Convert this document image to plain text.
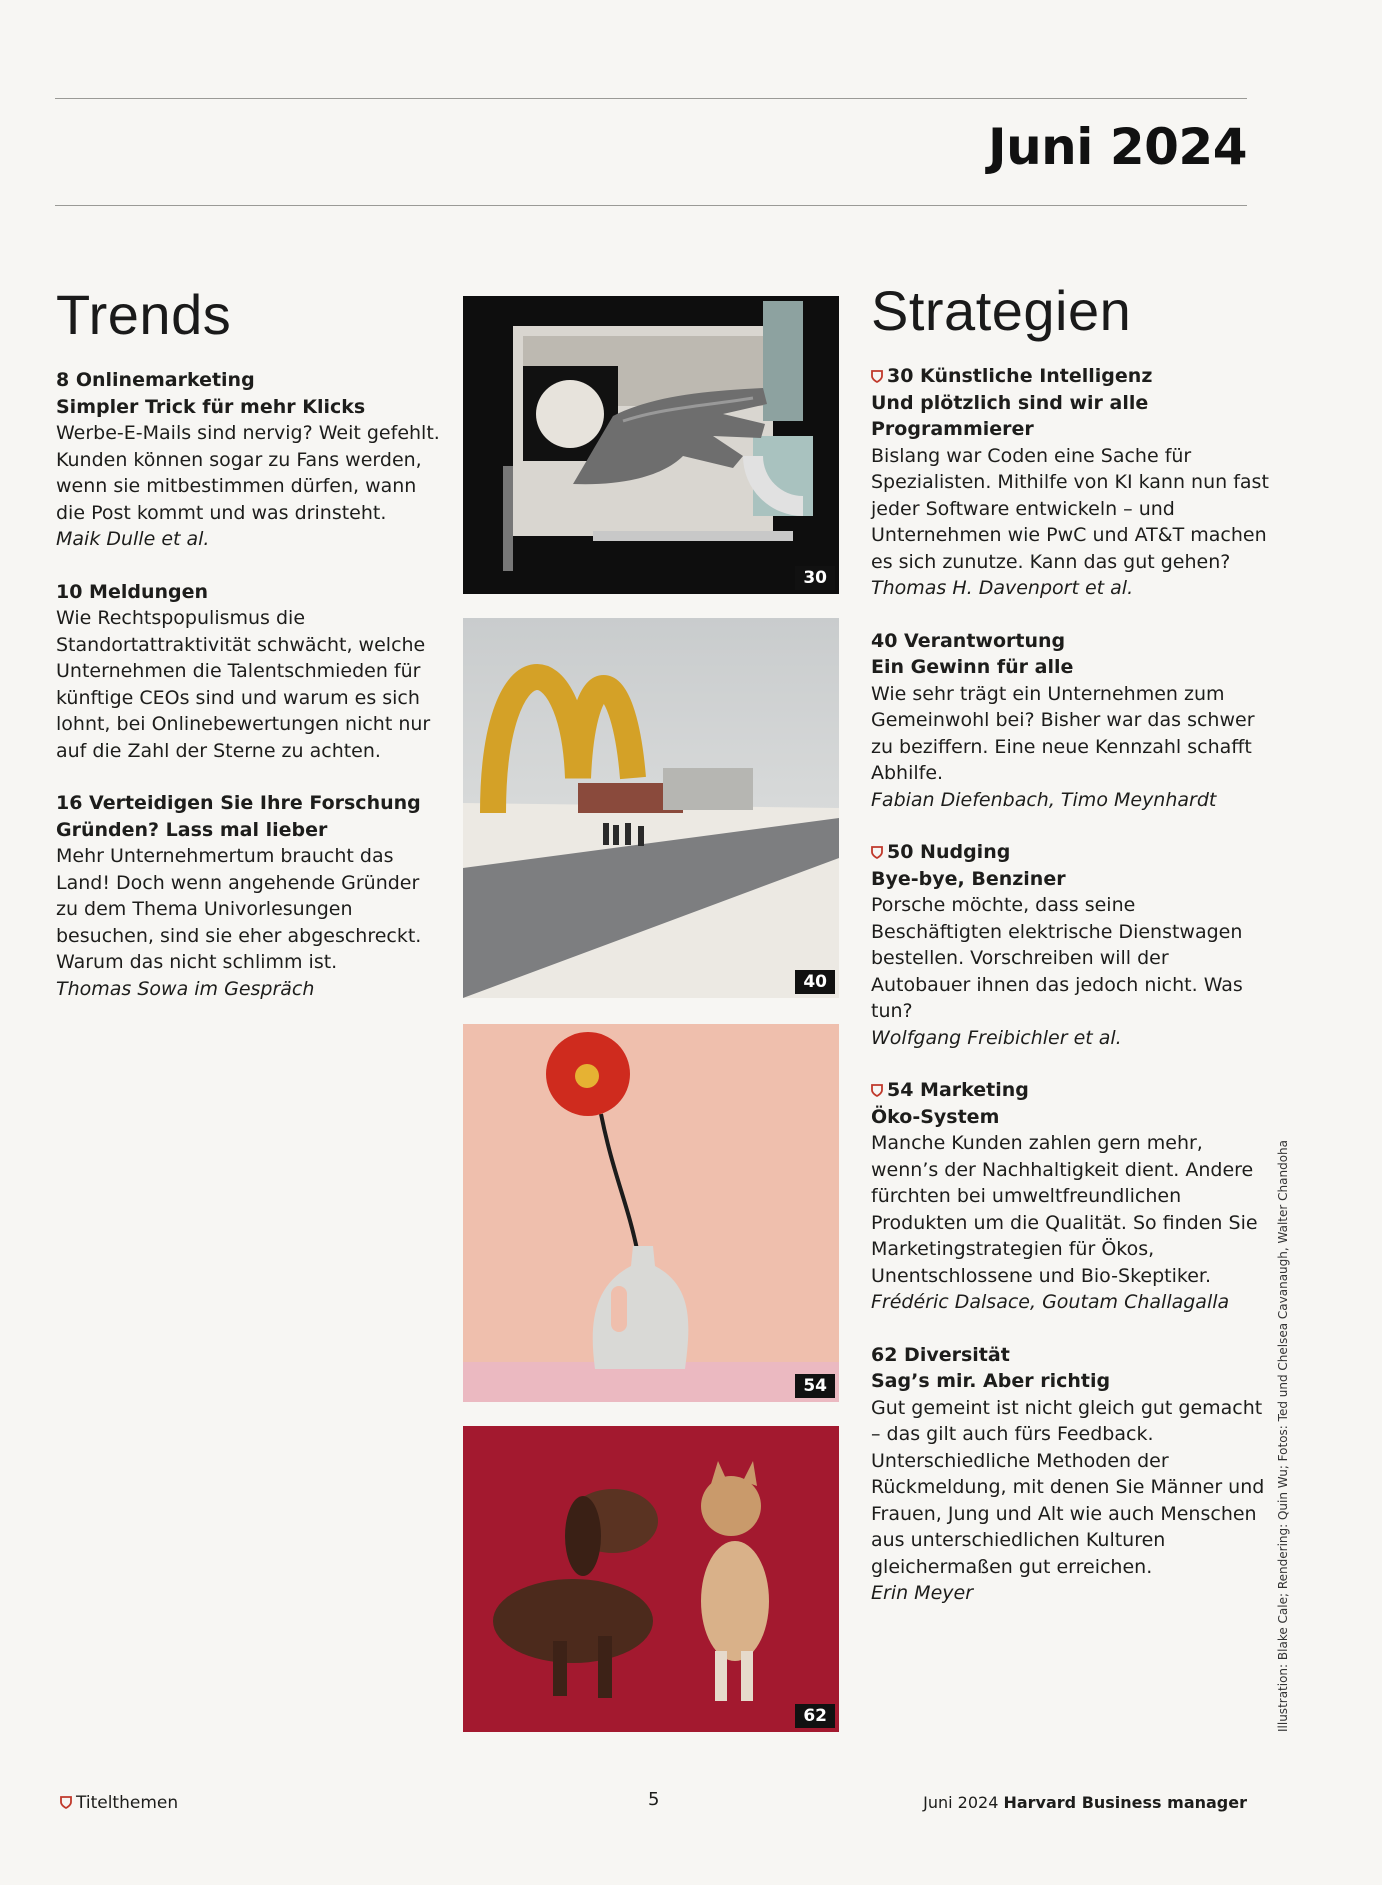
Juni 2024
Trends
8 Onlinemarketing
Simpler Trick für mehr Klicks
Werbe-E-Mails sind nervig? Weit gefehlt. Kunden können sogar zu Fans werden, wenn sie mitbestimmen dürfen, wann die Post kommt und was drinsteht.
Maik Dulle et al.
10 Meldungen
Wie Rechtspopulismus die Standortattraktivität schwächt, welche Unternehmen die Talentschmieden für künftige CEOs sind und warum es sich lohnt, bei Onlinebewertungen nicht nur auf die Zahl der Sterne zu achten.
16 Verteidigen Sie Ihre Forschung
Gründen? Lass mal lieber
Mehr Unternehmertum braucht das Land! Doch wenn angehende Gründer zu dem Thema Univorlesungen besuchen, sind sie eher abgeschreckt. Warum das nicht schlimm ist.
Thomas Sowa im Gespräch
30
40
54
62
Strategien
30 Künstliche Intelligenz
Und plötzlich sind wir alle Programmierer
Bislang war Coden eine Sache für Spezialisten. Mithilfe von KI kann nun fast jeder Software entwickeln – und Unternehmen wie PwC und AT&T machen es sich zunutze. Kann das gut gehen?
Thomas H. Davenport et al.
40 Verantwortung
Ein Gewinn für alle
Wie sehr trägt ein Unternehmen zum Gemeinwohl bei? Bisher war das schwer zu beziffern. Eine neue Kennzahl schafft Abhilfe.
Fabian Diefenbach, Timo Meynhardt
50 Nudging
Bye-bye, Benziner
Porsche möchte, dass seine Beschäftigten elektrische Dienstwagen bestellen. Vorschreiben will der Autobauer ihnen das jedoch nicht. Was tun?
Wolfgang Freibichler et al.
54 Marketing
Öko-System
Manche Kunden zahlen gern mehr, wenn’s der Nachhaltigkeit dient. Andere fürchten bei umweltfreundlichen Produkten um die Qualität. So finden Sie Marketingstrategien für Ökos, Unentschlossene und Bio-Skeptiker.
Frédéric Dalsace, Goutam Challagalla
62 Diversität
Sag’s mir. Aber richtig
Gut gemeint ist nicht gleich gut gemacht – das gilt auch fürs Feedback. Unterschiedliche Methoden der Rückmeldung, mit denen Sie Männer und Frauen, Jung und Alt wie auch Menschen aus unterschiedlichen Kulturen gleichermaßen gut erreichen.
Erin Meyer	Illustration: Blake Cale; Rendering: Quin Wu; Fotos: Ted und Chelsea Cavanaugh, Walter Chandoha
Titelthemen	5	Juni 2024 Harvard Business manager
